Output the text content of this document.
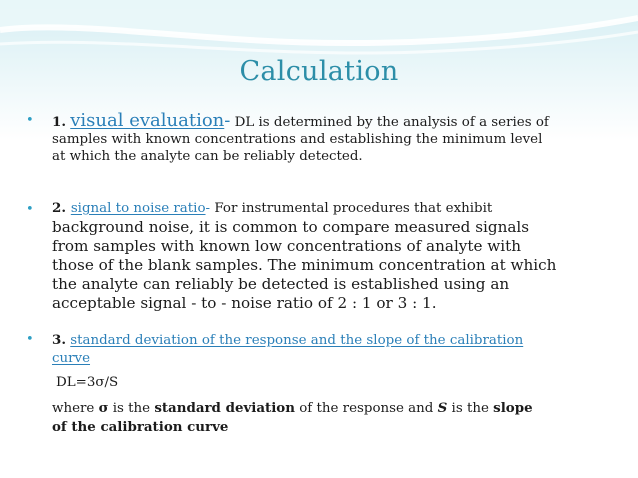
Calculation
• 1. visual evaluation- DL is determined by the analysis of a series of
samples with known concentrations and establishing the minimum level
at which the analyte can be reliably detected.
• 2. signal to noise ratio- For instrumental procedures that exhibit
background noise, it is common to compare measured signals
from samples with known low concentrations of analyte with
those of the blank samples. The minimum concentration at which
the analyte can reliably be detected is established using an
acceptable signal - to - noise ratio of 2 : 1 or 3 : 1.
• 3. standard deviation of the response and the slope of the calibration
curve
DL=3σ/S
where σ is the standard deviation of the response and S is the slope
of the calibration curve
